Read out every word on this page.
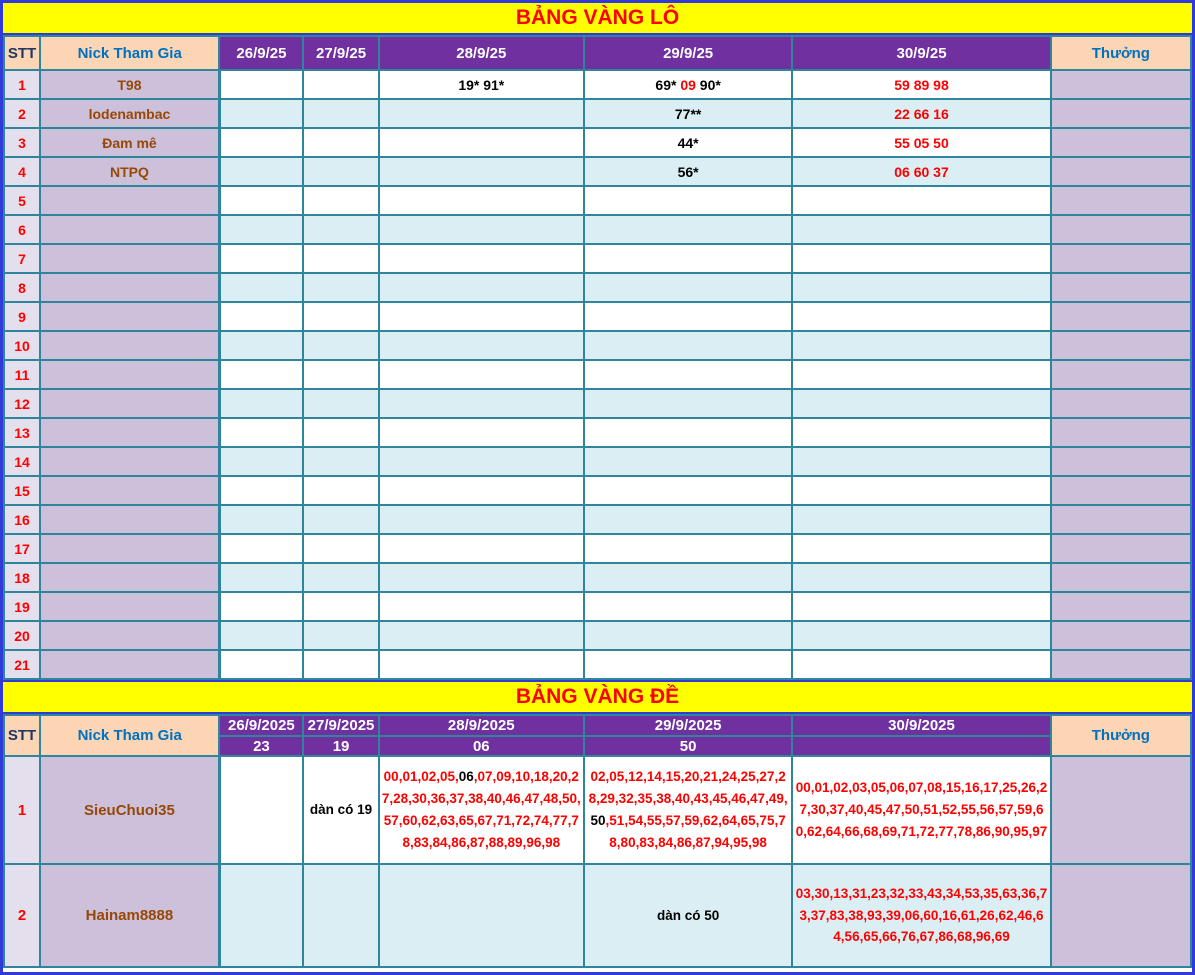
BẢNG VÀNG LÔ
STT	Nick Tham Gia	26/9/25	27/9/25	28/9/25	29/9/25	30/9/25	Thưởng
1	T98			19* 91*	69* 09 90*	59 89 98	
2	lodenambac				77**	22 66 16	
3	Đam mê				44*	55 05 50	
4	NTPQ				56*	06 60 37	
5							
6							
7							
8							
9							
10							
11							
12							
13							
14							
15							
16							
17							
18							
19							
20							
21							
BẢNG VÀNG ĐỀ
STT	Nick Tham Gia	26/9/2025	27/9/2025	28/9/2025	29/9/2025	30/9/2025	Thưởng
		23	19	06	50		
1	SieuChuoi35		dàn có 19	00,01,02,05,06,07,09,10,18,20,27,28,30,36,37,38,40,46,47,48,50,57,60,62,63,65,67,71,72,74,77,78,83,84,86,87,88,89,96,98	02,05,12,14,15,20,21,24,25,27,28,29,32,35,38,40,43,45,46,47,49,50,51,54,55,57,59,62,64,65,75,78,80,83,84,86,87,94,95,98	00,01,02,03,05,06,07,08,15,16,17,25,26,27,30,37,40,45,47,50,51,52,55,56,57,59,60,62,64,66,68,69,71,72,77,78,86,90,95,97	
2	Hainam8888				dàn có 50	03,30,13,31,23,32,33,43,34,53,35,63,36,73,37,83,38,93,39,06,60,16,61,26,62,46,64,56,65,66,76,67,86,68,96,69	
